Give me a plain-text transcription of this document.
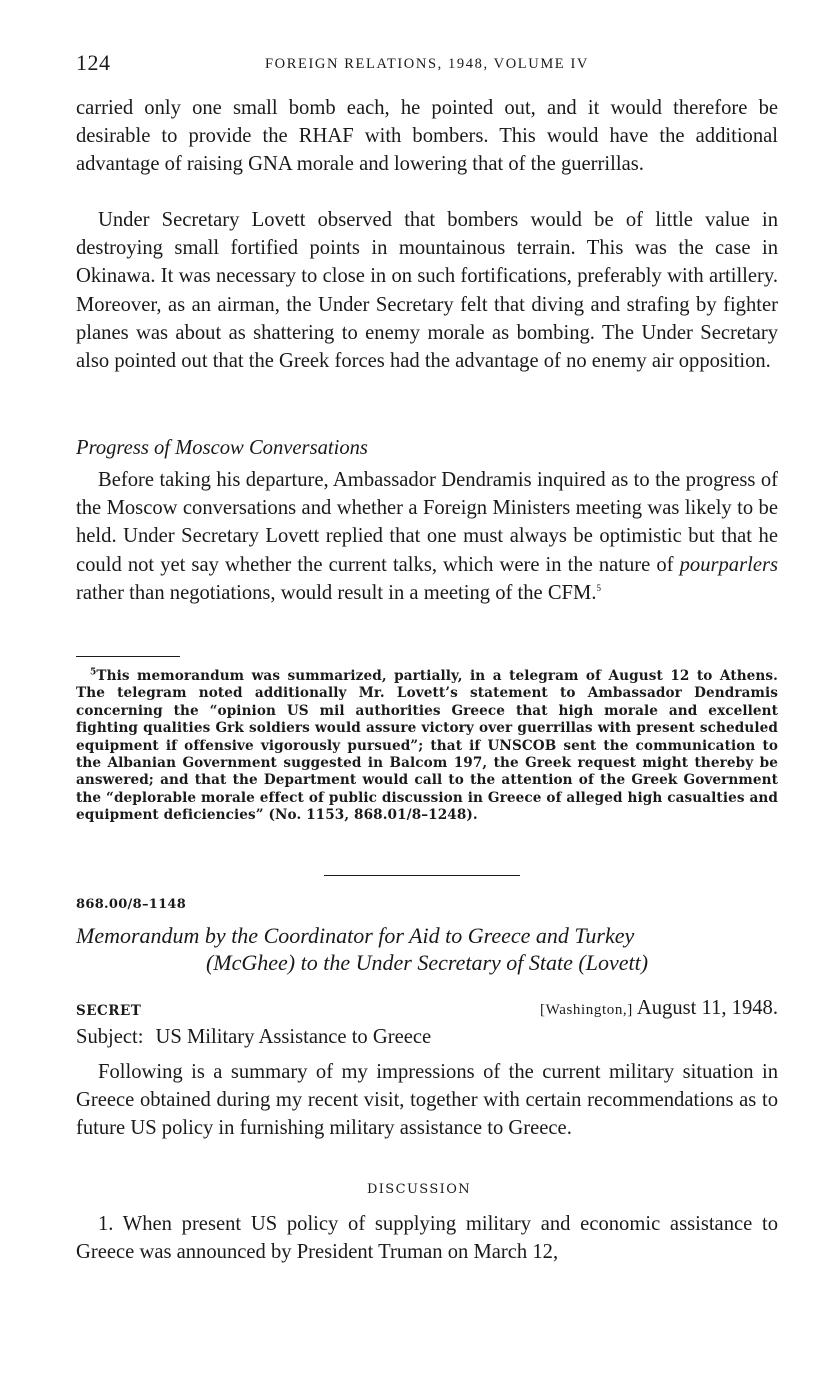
124	FOREIGN RELATIONS, 1948, VOLUME IV

carried only one small bomb each, he pointed out, and it would therefore be desirable to provide the RHAF with bombers. This would have the additional advantage of raising GNA morale and lowering that of the guerrillas.

Under Secretary Lovett observed that bombers would be of little value in destroying small fortified points in mountainous terrain. This was the case in Okinawa. It was necessary to close in on such fortifications, preferably with artillery. Moreover, as an airman, the Under Secretary felt that diving and strafing by fighter planes was about as shattering to enemy morale as bombing. The Under Secretary also pointed out that the Greek forces had the advantage of no enemy air opposition.

Progress of Moscow Conversations

Before taking his departure, Ambassador Dendramis inquired as to the progress of the Moscow conversations and whether a Foreign Ministers meeting was likely to be held. Under Secretary Lovett replied that one must always be optimistic but that he could not yet say whether the current talks, which were in the nature of pourparlers rather than negotiations, would result in a meeting of the CFM.$^5$

$^5$This memorandum was summarized, partially, in a telegram of August 12 to Athens. The telegram noted additionally Mr. Lovett’s statement to Ambassador Dendramis concerning the “opinion US mil authorities Greece that high morale and excellent fighting qualities Grk soldiers would assure victory over guerrillas with present scheduled equipment if offensive vigorously pursued”; that if UNSCOB sent the communication to the Albanian Government suggested in Balcom 197, the Greek request might thereby be answered; and that the Department would call to the attention of the Greek Government the “deplorable morale effect of public discussion in Greece of alleged high casualties and equipment deficiencies” (No. 1153, 868.01/8–1248).

868.00/8–1148

Memorandum by the Coordinator for Aid to Greece and Turkey
(McGhee) to the Under Secretary of State (Lovett)

SECRET	[Washington,] August 11, 1948.
Subject: US Military Assistance to Greece

Following is a summary of my impressions of the current military situation in Greece obtained during my recent visit, together with certain recommendations as to future US policy in furnishing military assistance to Greece.

DISCUSSION

1. When present US policy of supplying military and economic assistance to Greece was announced by President Truman on March 12,
